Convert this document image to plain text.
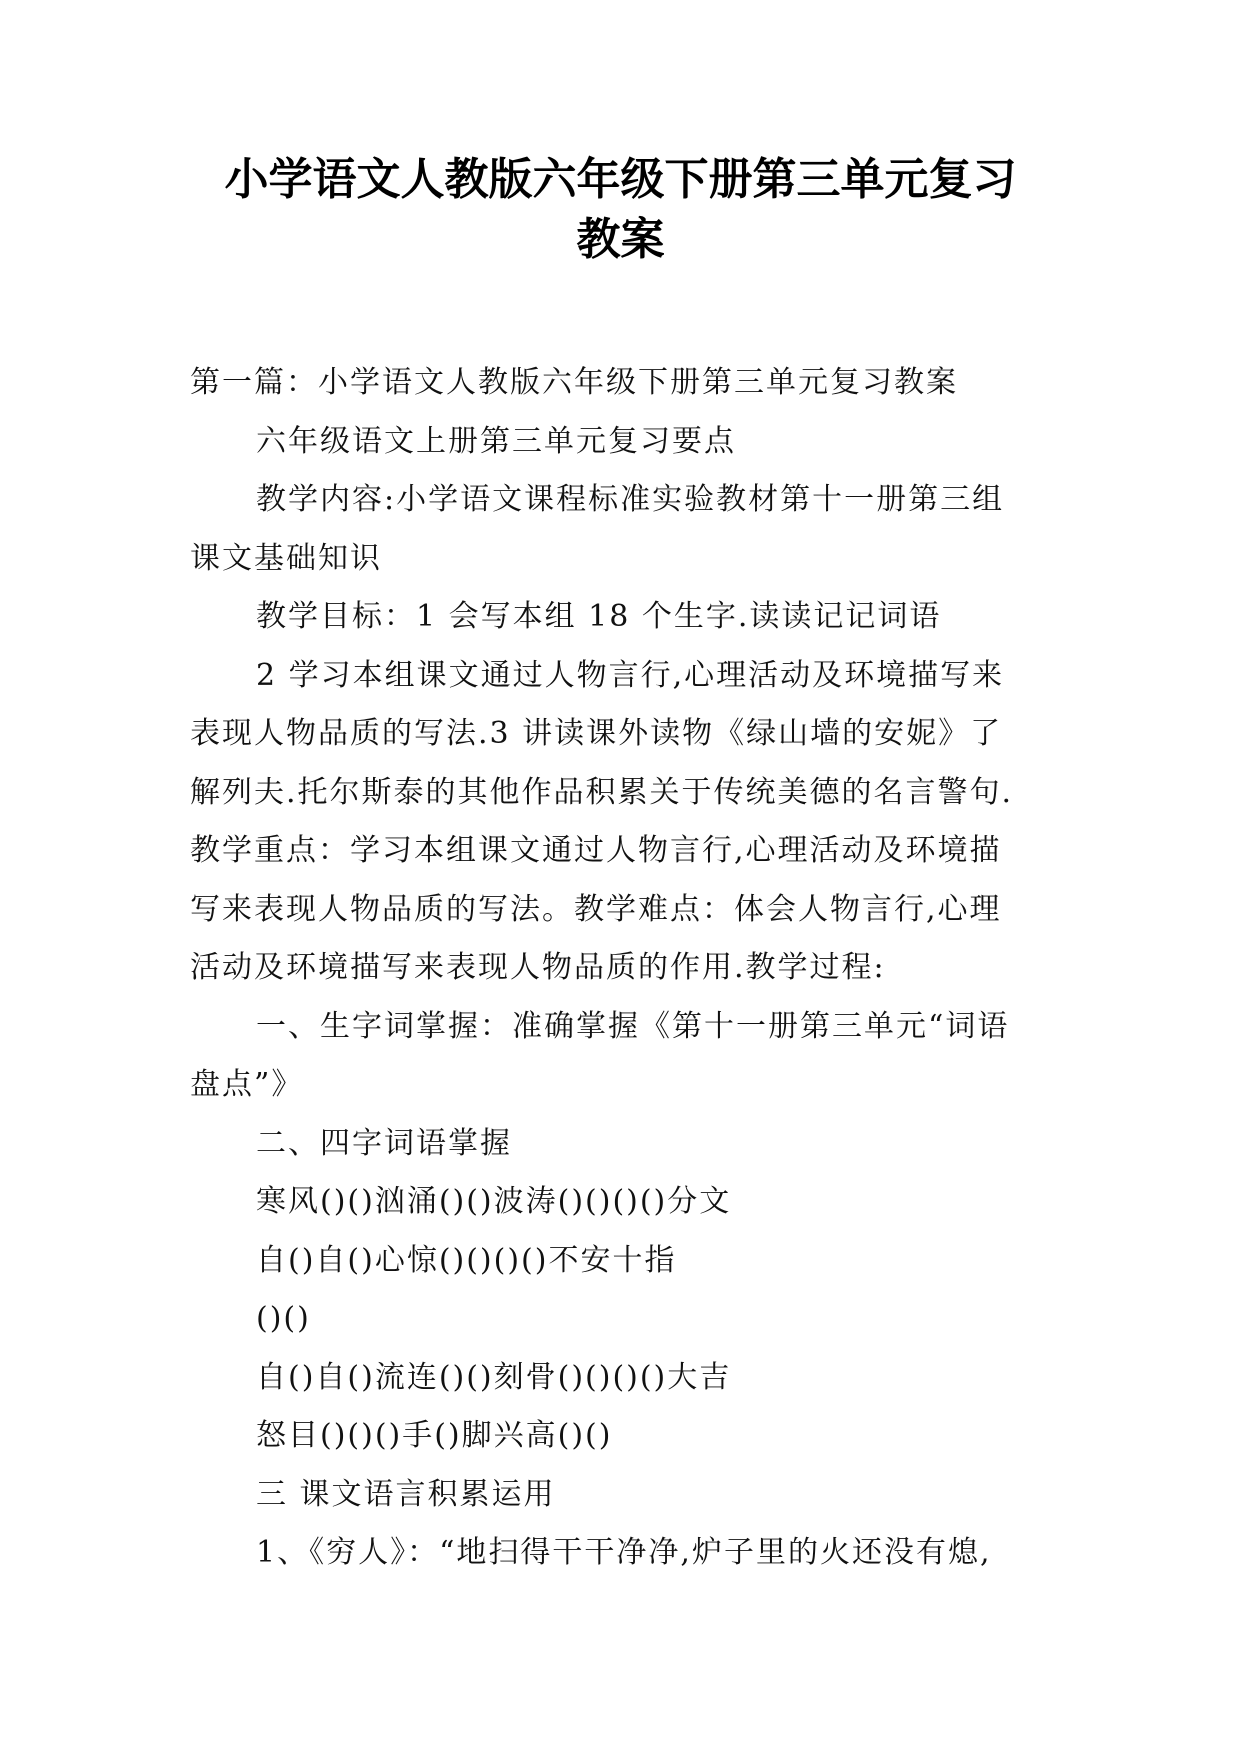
小学语文人教版六年级下册第三单元复习
教案

第一篇：小学语文人教版六年级下册第三单元复习教案

六年级语文上册第三单元复习要点

教学内容:小学语文课程标准实验教材第十一册第三组

课文基础知识

教学目标：1 会写本组 18 个生字.读读记记词语

2 学习本组课文通过人物言行,心理活动及环境描写来

表现人物品质的写法.3 讲读课外读物《绿山墙的安妮》了

解列夫.托尔斯泰的其他作品积累关于传统美德的名言警句.

教学重点：学习本组课文通过人物言行,心理活动及环境描

写来表现人物品质的写法。教学难点：体会人物言行,心理

活动及环境描写来表现人物品质的作用.教学过程:

一、生字词掌握：准确掌握《第十一册第三单元“词语

盘点”》

二、四字词语掌握

寒风()()汹涌()()波涛()()()()分文

自()自()心惊()()()()不安十指

()()

自()自()流连()()刻骨()()()()大吉

怒目()()()手()脚兴高()()

三 课文语言积累运用

1、《穷人》：“地扫得干干净净,炉子里的火还没有熄,
